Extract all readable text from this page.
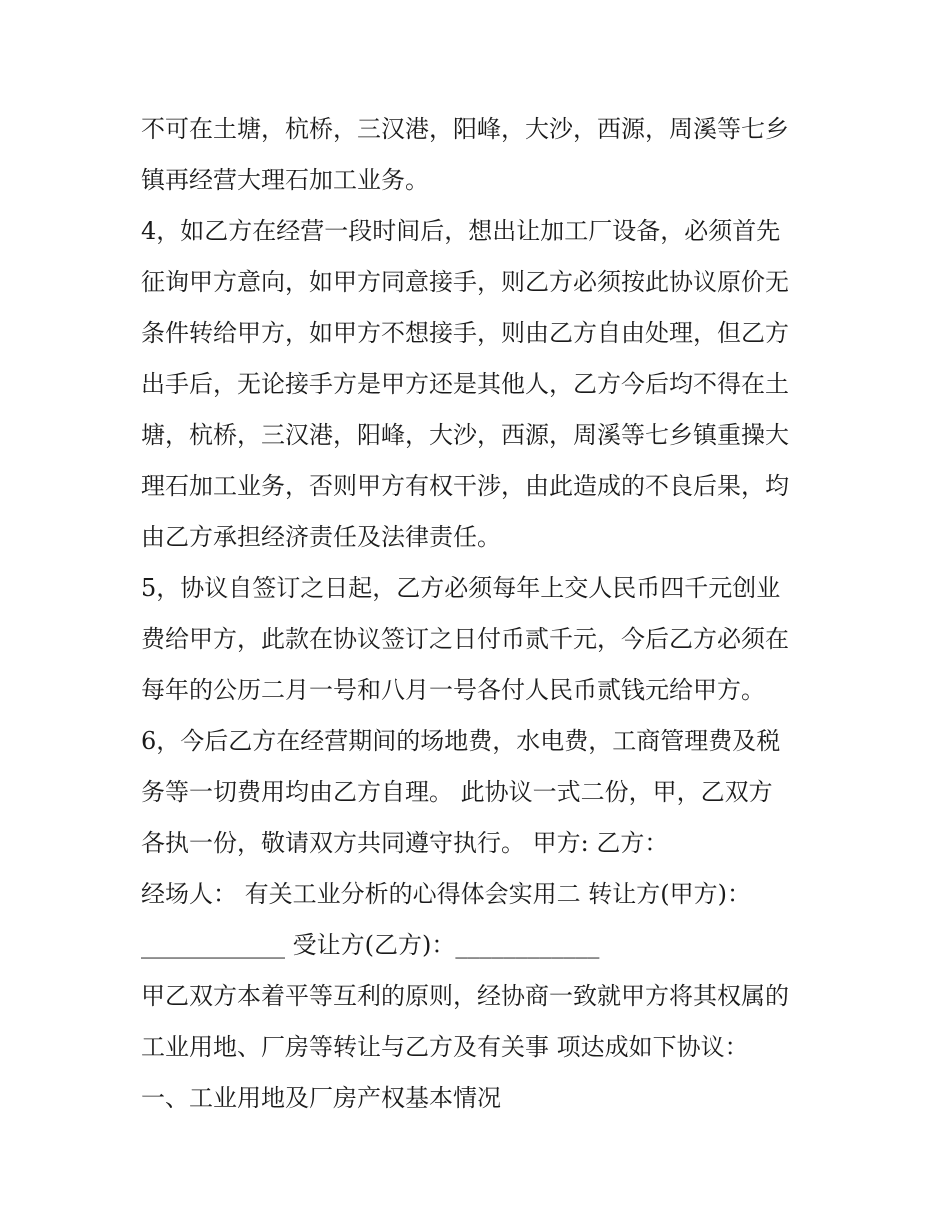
不可在土塘，杭桥，三汉港，阳峰，大沙，西源，周溪等七乡

镇再经营大理石加工业务。

4，如乙方在经营一段时间后，想出让加工厂设备，必须首先

征询甲方意向，如甲方同意接手，则乙方必须按此协议原价无

条件转给甲方，如甲方不想接手，则由乙方自由处理，但乙方

出手后，无论接手方是甲方还是其他人，乙方今后均不得在土

塘，杭桥，三汉港，阳峰，大沙，西源，周溪等七乡镇重操大

理石加工业务，否则甲方有权干涉，由此造成的不良后果，均

由乙方承担经济责任及法律责任。

5，协议自签订之日起，乙方必须每年上交人民币四千元创业

费给甲方，此款在协议签订之日付币贰千元，今后乙方必须在

每年的公历二月一号和八月一号各付人民币贰钱元给甲方。

6，今后乙方在经营期间的场地费，水电费，工商管理费及税

务等一切费用均由乙方自理。 此协议一式二份，甲，乙双方

各执一份，敬请双方共同遵守执行。 甲方: 乙方：

经场人： 有关工业分析的心得体会实用二 转让方(甲方)：

____________ 受让方(乙方)：____________

甲乙双方本着平等互利的原则，经协商一致就甲方将其权属的

工业用地、厂房等转让与乙方及有关事 项达成如下协议：

一、工业用地及厂房产权基本情况
